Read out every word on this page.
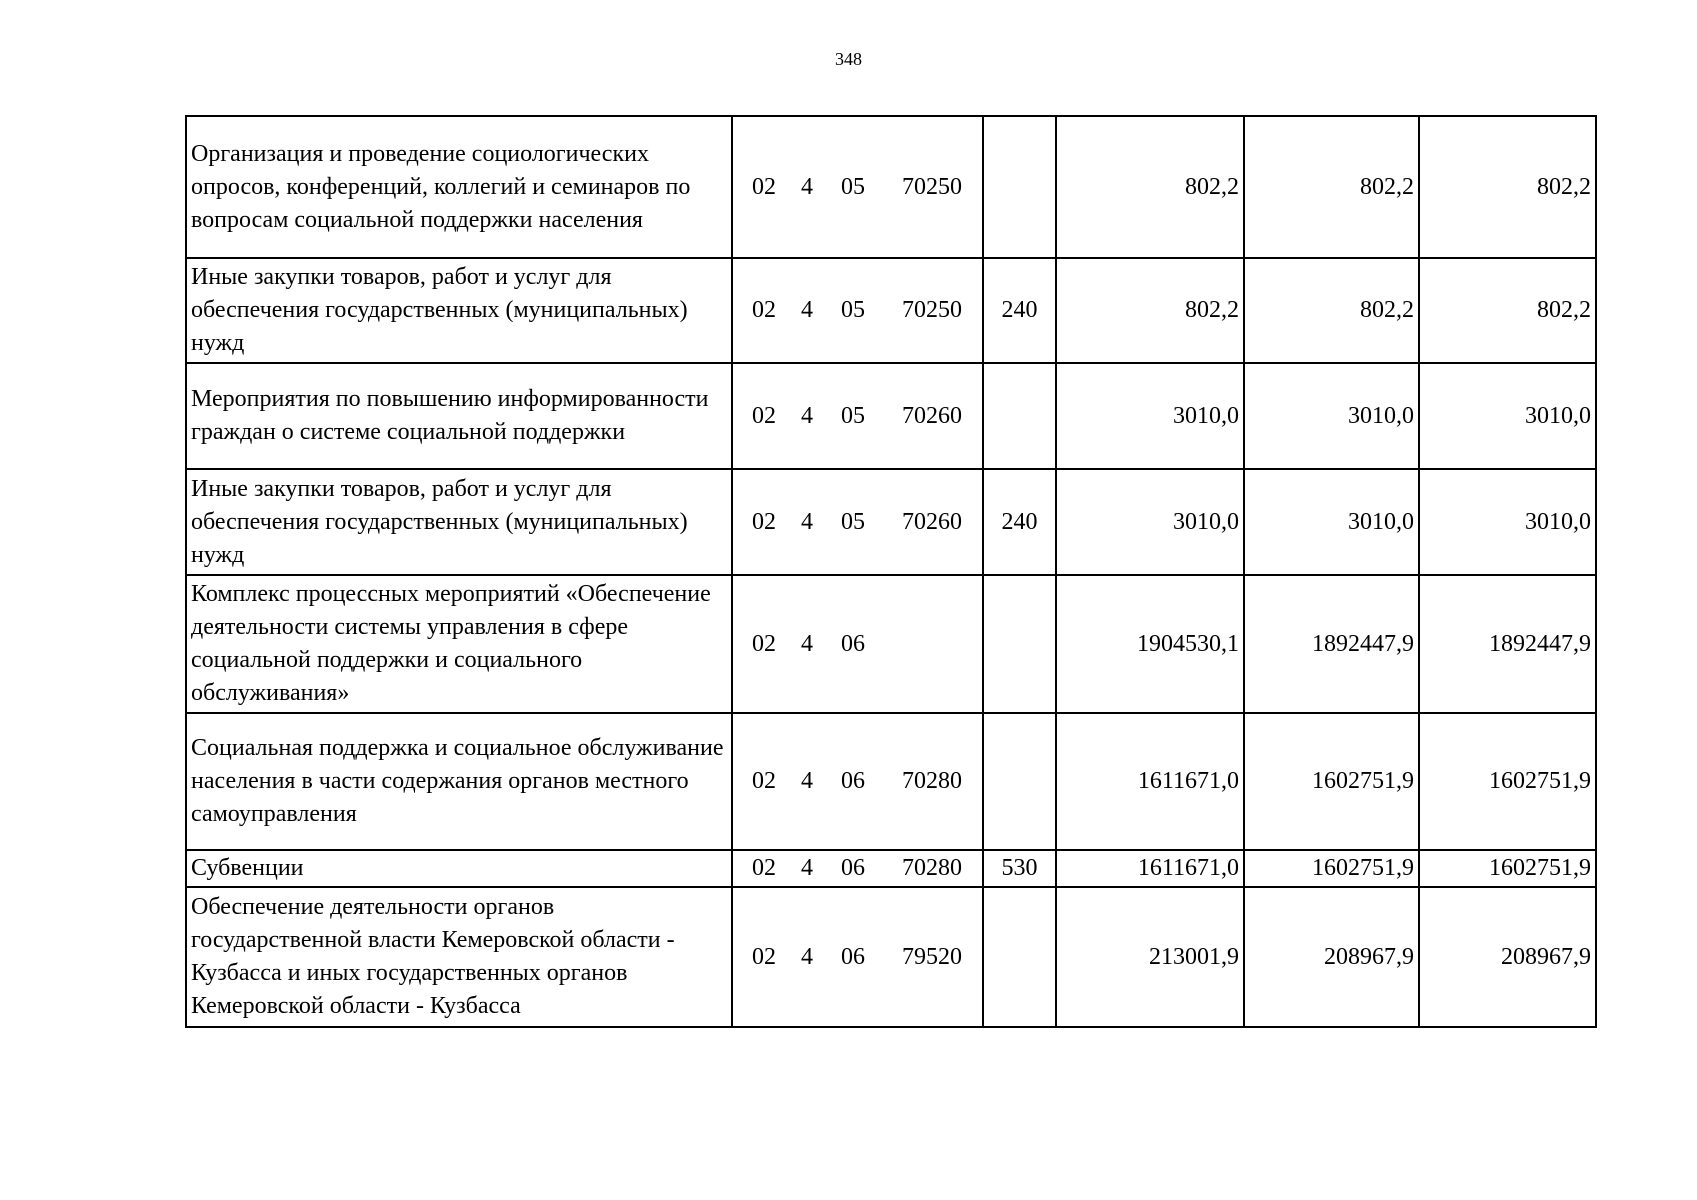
348
Организация и проведение социологических опросов, конференций, коллегий и семинаров по вопросам социальной поддержки населения	02 4 05 70250		802,2	802,2	802,2
Иные закупки товаров, работ и услуг для обеспечения государственных (муниципальных) нужд	02 4 05 70250	240	802,2	802,2	802,2
Мероприятия по повышению информированности граждан о системе социальной поддержки	02 4 05 70260		3010,0	3010,0	3010,0
Иные закупки товаров, работ и услуг для обеспечения государственных (муниципальных) нужд	02 4 05 70260	240	3010,0	3010,0	3010,0
Комплекс процессных мероприятий «Обеспечение деятельности системы управления в сфере социальной поддержки и социального обслуживания»	02 4 06		1904530,1	1892447,9	1892447,9
Социальная поддержка и социальное обслуживание населения в части содержания органов местного самоуправления	02 4 06 70280		1611671,0	1602751,9	1602751,9
Субвенции	02 4 06 70280	530	1611671,0	1602751,9	1602751,9
Обеспечение деятельности органов государственной власти Кемеровской области - Кузбасса и иных государственных органов Кемеровской области - Кузбасса	02 4 06 79520		213001,9	208967,9	208967,9
